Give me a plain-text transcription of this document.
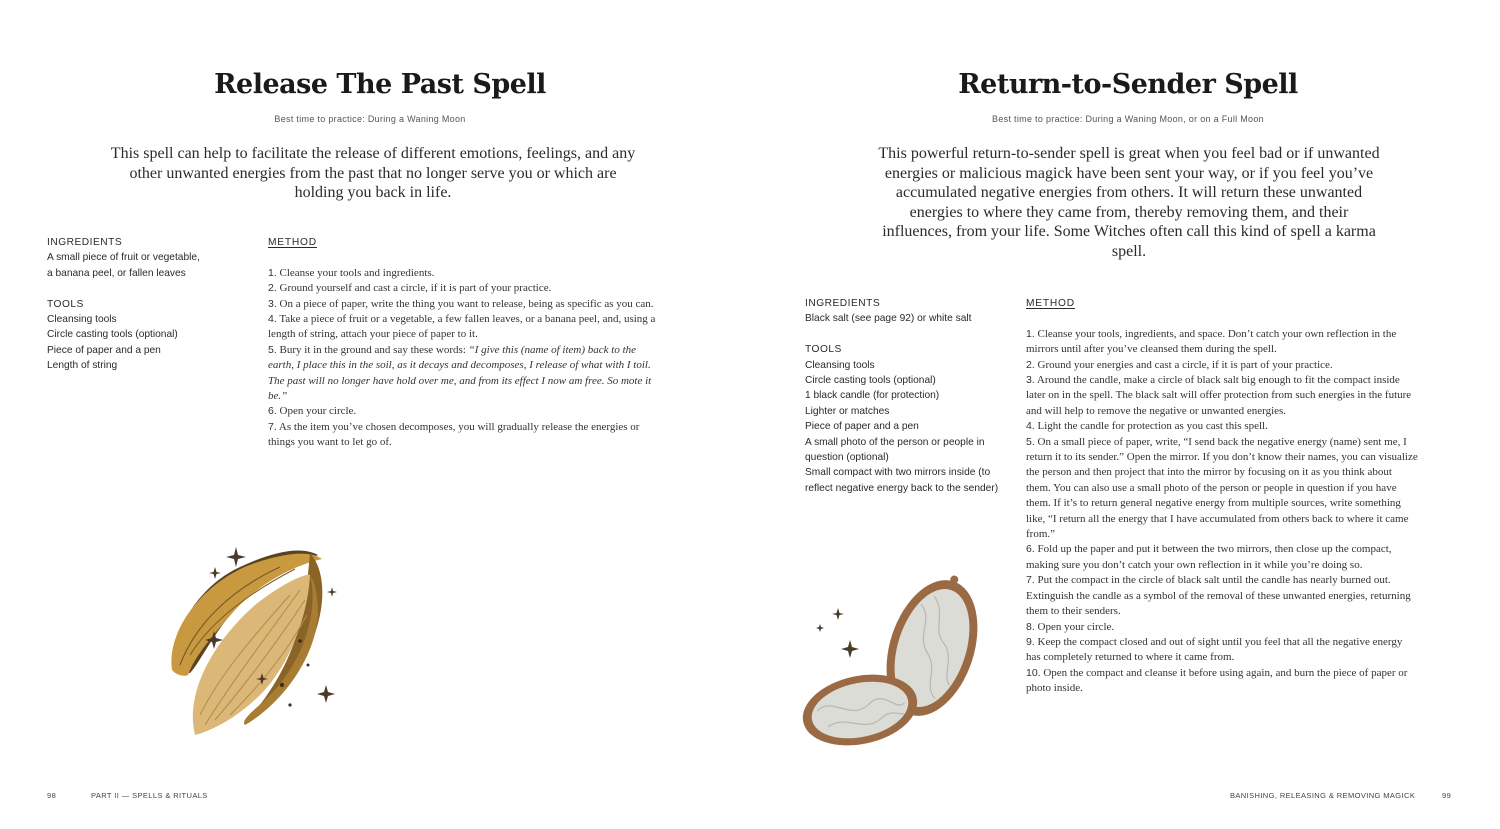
Release The Past Spell
Best time to practice: During a Waning Moon

This spell can help to facilitate the release of different emotions, feelings, and any other unwanted energies from the past that no longer serve you or which are holding you back in life.

INGREDIENTS
A small piece of fruit or vegetable,
a banana peel, or fallen leaves
TOOLS
Cleansing tools
Circle casting tools (optional)
Piece of paper and a pen
Length of string
METHOD
1. Cleanse your tools and ingredients.
2. Ground yourself and cast a circle, if it is part of your practice.
3. On a piece of paper, write the thing you want to release, being as specific as you can.
4. Take a piece of fruit or a vegetable, a few fallen leaves, or a banana peel, and, using a length of string, attach your piece of paper to it.
5. Bury it in the ground and say these words: “I give this (name of item) back to the earth, I place this in the soil, as it decays and decomposes, I release of what with I toil. The past will no longer have hold over me, and from its effect I now am free. So mote it be.”
6. Open your circle.
7. As the item you’ve chosen decomposes, you will gradually release the energies or things you want to let go of.
98	PART II — SPELLS & RITUALS
Return-to-Sender Spell
Best time to practice: During a Waning Moon, or on a Full Moon

This powerful return-to-sender spell is great when you feel bad or if unwanted energies or malicious magick have been sent your way, or if you feel you’ve accumulated negative energies from others. It will return these unwanted energies to where they came from, thereby removing them, and their influences, from your life. Some Witches often call this kind of spell a karma spell.

INGREDIENTS
Black salt (see page 92) or white salt
TOOLS
Cleansing tools
Circle casting tools (optional)
1 black candle (for protection)
Lighter or matches
Piece of paper and a pen
A small photo of the person or people in question (optional)
Small compact with two mirrors inside (to reflect negative energy back to the sender)
METHOD
1. Cleanse your tools, ingredients, and space. Don’t catch your own reflection in the mirrors until after you’ve cleansed them during the spell.
2. Ground your energies and cast a circle, if it is part of your practice.
3. Around the candle, make a circle of black salt big enough to fit the compact inside later on in the spell. The black salt will offer protection from such energies in the future and will help to remove the negative or unwanted energies.
4. Light the candle for protection as you cast this spell.
5. On a small piece of paper, write, “I send back the negative energy (name) sent me, I return it to its sender.” Open the mirror. If you don’t know their names, you can visualize the person and then project that into the mirror by focusing on it as you think about them. You can also use a small photo of the person or people in question if you have them. If it’s to return general negative energy from multiple sources, write something like, “I return all the energy that I have accumulated from others back to where it came from.”
6. Fold up the paper and put it between the two mirrors, then close up the compact, making sure you don’t catch your own reflection in it while you’re doing so.
7. Put the compact in the circle of black salt until the candle has nearly burned out. Extinguish the candle as a symbol of the removal of these unwanted energies, returning them to their senders.
8. Open your circle.
9. Keep the compact closed and out of sight until you feel that all the negative energy has completely returned to where it came from.
10. Open the compact and cleanse it before using again, and burn the piece of paper or photo inside.
BANISHING, RELEASING & REMOVING MAGICK	99
